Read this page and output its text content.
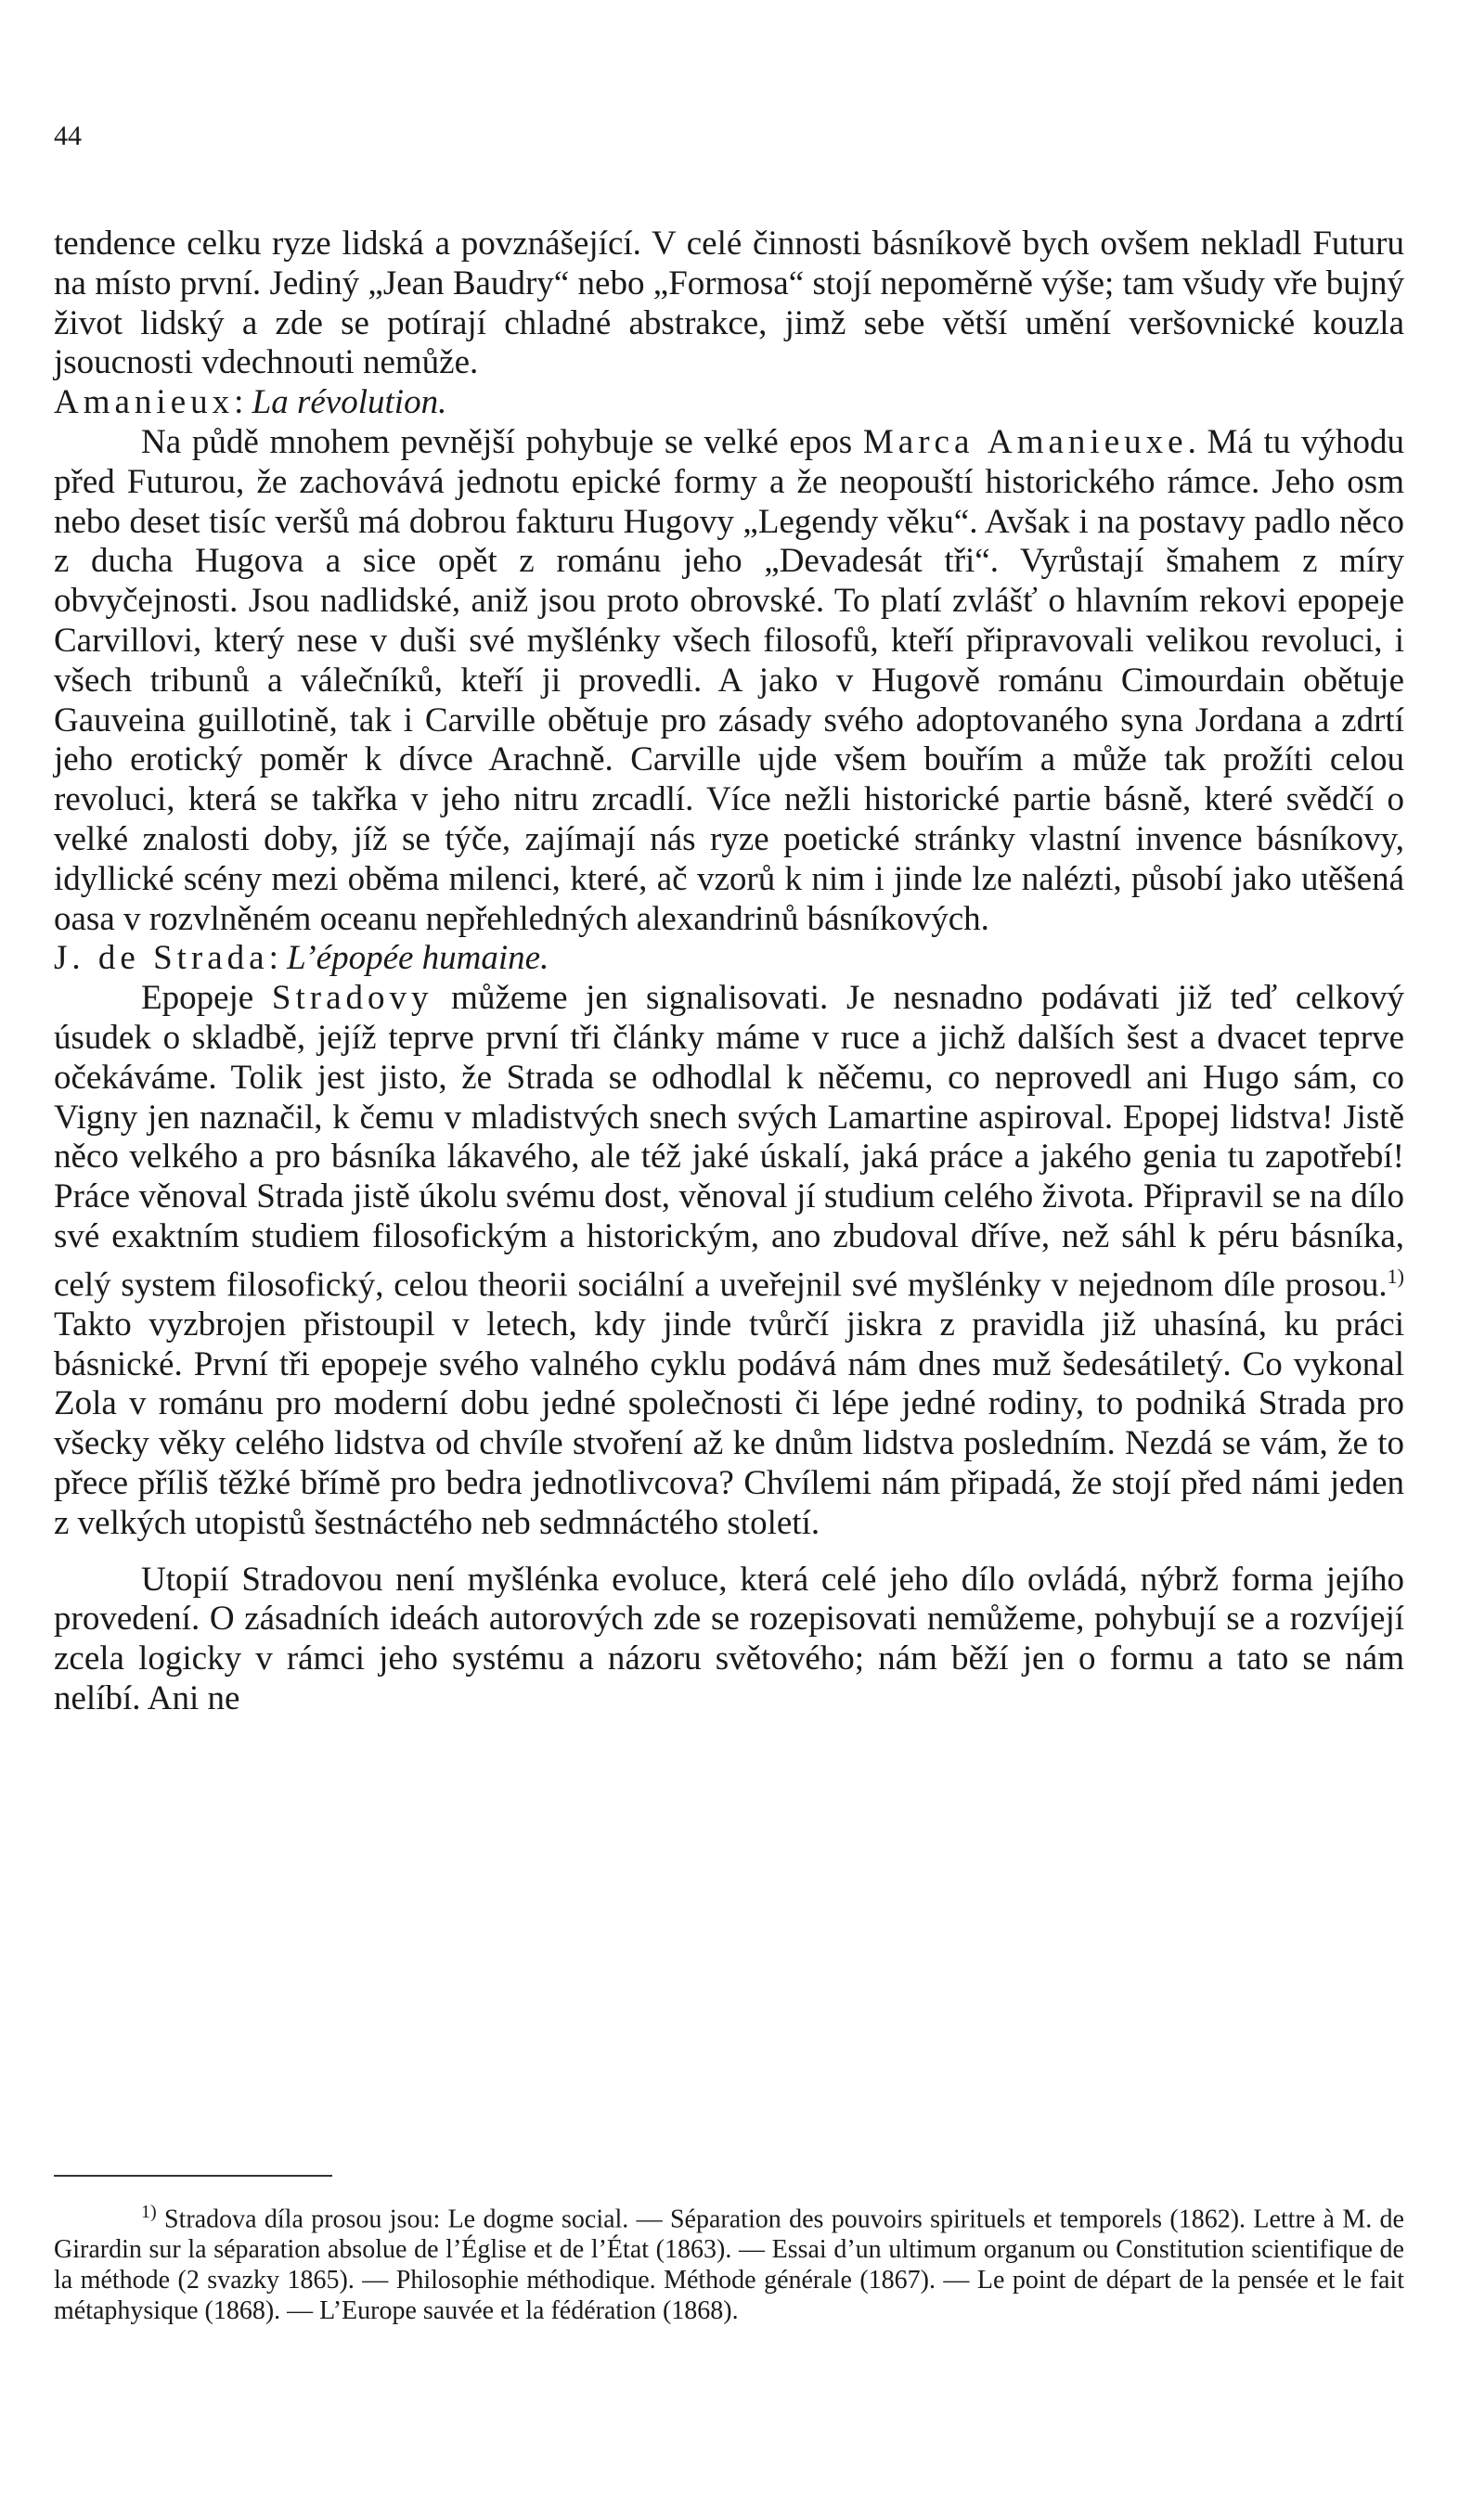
44

tendence celku ryze lidská a povznášející. V celé činnosti básníkově bych ovšem nekladl Futuru na místo první. Jediný „Jean Baudry“ nebo „Formosa“ stojí nepoměrně výše; tam všudy vře bujný život lidský a zde se potírají chladné abstrakce, jimž sebe větší umění veršovnické kouzla jsoucnosti vdechnouti nemůže.

Amanieux: La révolution.

Na půdě mnohem pevnější pohybuje se velké epos Marca Amanieuxe. Má tu výhodu před Futurou, že zachovává jednotu epické formy a že neopouští historického rámce. Jeho osm nebo deset tisíc veršů má dobrou fakturu Hugovy „Legendy věku“. Avšak i na postavy padlo něco z ducha Hugova a sice opět z románu jeho „Devadesát tři“. Vyrůstají šmahem z míry obvyčejnosti. Jsou nadlidské, aniž jsou proto obrovské. To platí zvlášť o hlavním rekovi epopeje Carvillovi, který nese v duši své myšlénky všech filosofů, kteří připravovali velikou revoluci, i všech tribunů a válečníků, kteří ji provedli. A jako v Hugově románu Cimourdain obětuje Gauveina guillotině, tak i Carville obětuje pro zásady svého adoptovaného syna Jordana a zdrtí jeho erotický poměr k dívce Arachně. Carville ujde všem bouřím a může tak prožíti celou revoluci, která se takřka v jeho nitru zrcadlí. Více nežli historické partie básně, které svědčí o velké znalosti doby, jíž se týče, zajímají nás ryze poetické stránky vlastní invence básníkovy, idyllické scény mezi oběma milenci, které, ač vzorů k nim i jinde lze nalézti, působí jako utěšená oasa v rozvlněném oceanu nepřehledných alexandrinů básníkových.

J. de Strada: L’épopée humaine.

Epopeje Stradovy můžeme jen signalisovati. Je nesnadno podávati již teď celkový úsudek o skladbě, jejíž teprve první tři články máme v ruce a jichž dalších šest a dvacet teprve očekáváme. Tolik jest jisto, že Strada se odhodlal k něčemu, co neprovedl ani Hugo sám, co Vigny jen naznačil, k čemu v mladistvých snech svých Lamartine aspiroval. Epopej lidstva! Jistě něco velkého a pro básníka lákavého, ale též jaké úskalí, jaká práce a jakého genia tu zapotřebí! Práce věnoval Strada jistě úkolu svému dost, věnoval jí studium celého života. Připravil se na dílo své exaktním studiem filosofickým a historickým, ano zbudoval dříve, než sáhl k péru básníka, celý system filosofický, celou theorii sociální a uveřejnil své myšlénky v nejednom díle prosou.$^{1)}$ Takto vyzbrojen přistoupil v letech, kdy jinde tvůrčí jiskra z pravidla již uhasíná, ku práci básnické. První tři epopeje svého valného cyklu podává nám dnes muž šedesátiletý. Co vykonal Zola v románu pro moderní dobu jedné společnosti či lépe jedné rodiny, to podniká Strada pro všecky věky celého lidstva od chvíle stvoření až ke dnům lidstva posledním. Nezdá se vám, že to přece příliš těžké břímě pro bedra jednotlivcova? Chvílemi nám připadá, že stojí před námi jeden z velkých utopistů šestnáctého neb sedmnáctého století.

Utopií Stradovou není myšlénka evoluce, která celé jeho dílo ovládá, nýbrž forma jejího provedení. O zásadních ideách autorových zde se rozepisovati nemůžeme, pohybují se a rozvíjejí zcela logicky v rámci jeho systému a názoru světového; nám běží jen o formu a tato se nám nelíbí. Ani ne

$^{1)}$ Stradova díla prosou jsou: Le dogme social. — Séparation des pouvoirs spirituels et temporels (1862). Lettre à M. de Girardin sur la séparation absolue de l’Église et de l’État (1863). — Essai d’un ultimum organum ou Constitution scientifique de la méthode (2 svazky 1865). — Philosophie méthodique. Méthode générale (1867). — Le point de départ de la pensée et le fait métaphysique (1868). — L’Europe sauvée et la fédération (1868).
